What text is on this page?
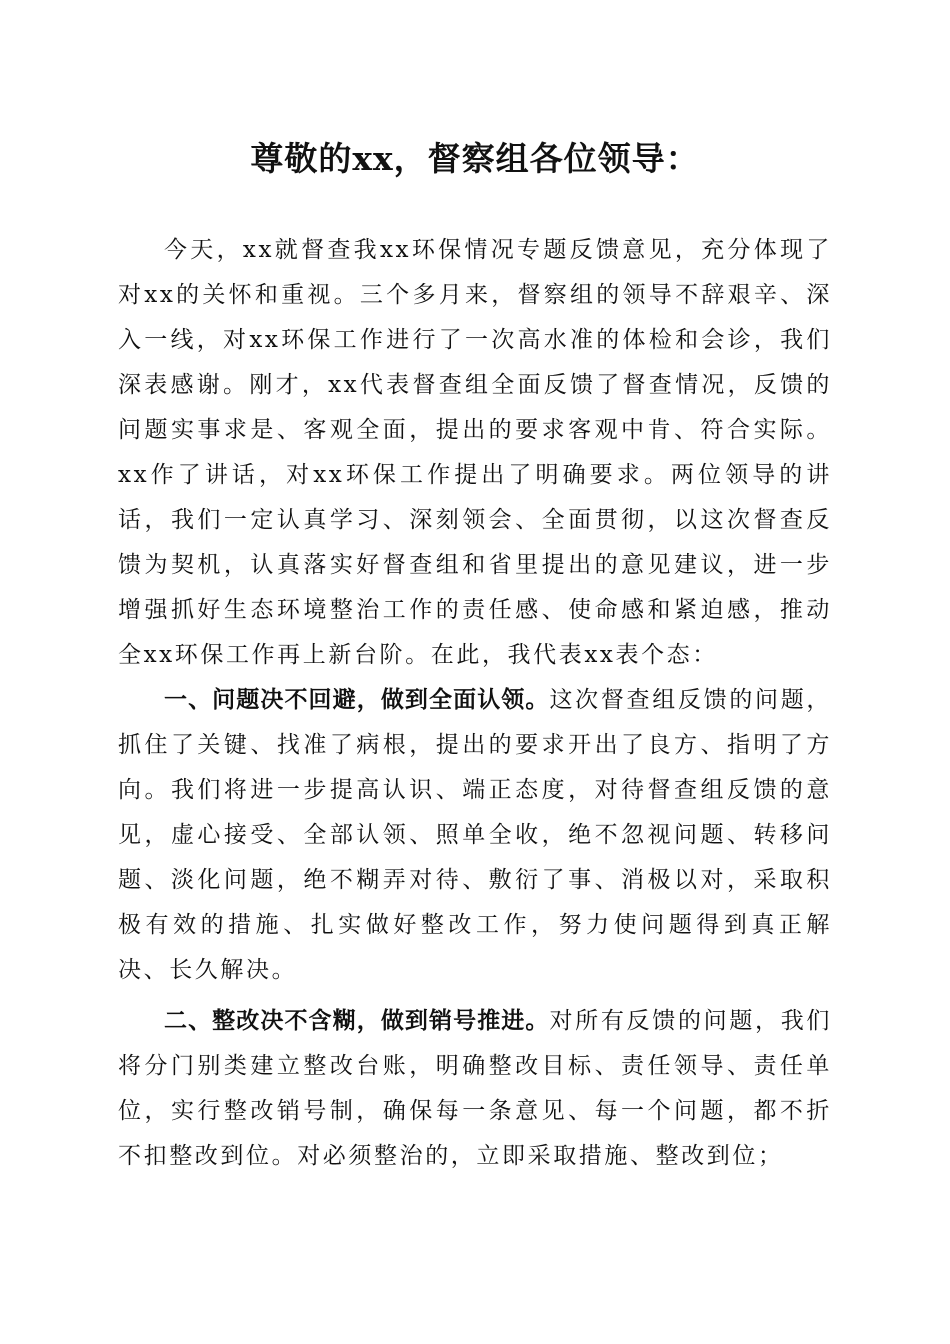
尊敬的xx，督察组各位领导：

今天，xx就督查我xx环保情况专题反馈意见，充分体现了对xx的关怀和重视。三个多月来，督察组的领导不辞艰辛、深入一线，对xx环保工作进行了一次高水准的体检和会诊，我们深表感谢。刚才，xx代表督查组全面反馈了督查情况，反馈的问题实事求是、客观全面，提出的要求客观中肯、符合实际。xx作了讲话，对xx环保工作提出了明确要求。两位领导的讲话，我们一定认真学习、深刻领会、全面贯彻，以这次督查反馈为契机，认真落实好督查组和省里提出的意见建议，进一步增强抓好生态环境整治工作的责任感、使命感和紧迫感，推动全xx环保工作再上新台阶。在此，我代表xx表个态：

一、问题决不回避，做到全面认领。这次督查组反馈的问题，抓住了关键、找准了病根，提出的要求开出了良方、指明了方向。我们将进一步提高认识、端正态度，对待督查组反馈的意见，虚心接受、全部认领、照单全收，绝不忽视问题、转移问题、淡化问题，绝不糊弄对待、敷衍了事、消极以对，采取积极有效的措施、扎实做好整改工作，努力使问题得到真正解决、长久解决。

二、整改决不含糊，做到销号推进。对所有反馈的问题，我们将分门别类建立整改台账，明确整改目标、责任领导、责任单位，实行整改销号制，确保每一条意见、每一个问题，都不折不扣整改到位。对必须整治的，立即采取措施、整改到位；
